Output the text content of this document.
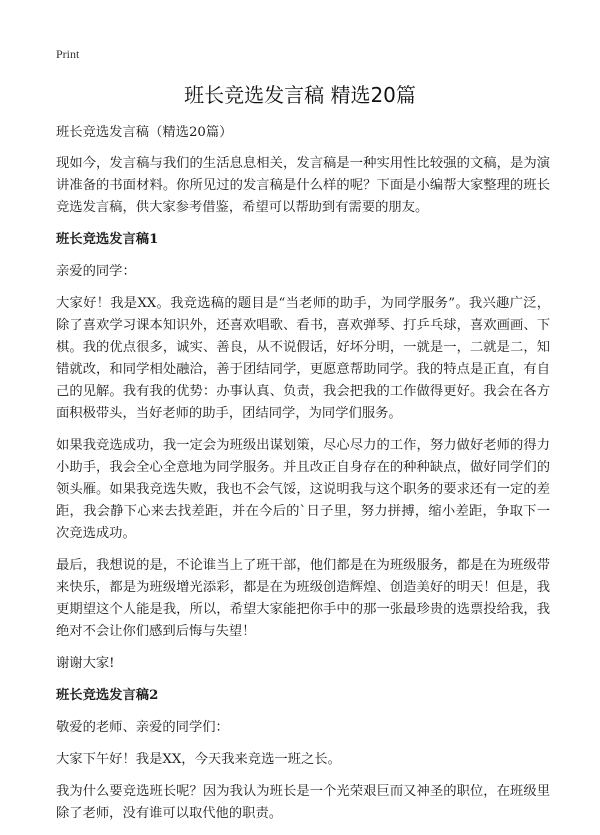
Print
班长竞选发言稿 精选20篇

班长竞选发言稿（精选20篇）

现如今，发言稿与我们的生活息息相关，发言稿是一种实用性比较强的文稿，是为演讲准备的书面材料。你所见过的发言稿是什么样的呢？下面是小编帮大家整理的班长竞选发言稿，供大家参考借鉴，希望可以帮助到有需要的朋友。

班长竞选发言稿1

亲爱的同学：

大家好！我是XX。我竞选稿的题目是“当老师的助手，为同学服务”。我兴趣广泛，除了喜欢学习课本知识外，还喜欢唱歌、看书，喜欢弹琴、打乒乓球，喜欢画画、下棋。我的优点很多，诚实、善良，从不说假话，好坏分明，一就是一，二就是二，知错就改，和同学相处融洽，善于团结同学，更愿意帮助同学。我的特点是正直，有自己的见解。我有我的优势：办事认真、负责，我会把我的工作做得更好。我会在各方面积极带头，当好老师的助手，团结同学，为同学们服务。

如果我竞选成功，我一定会为班级出谋划策，尽心尽力的工作，努力做好老师的得力小助手，我会全心全意地为同学服务。并且改正自身存在的种种缺点，做好同学们的领头雁。如果我竞选失败，我也不会气馁，这说明我与这个职务的要求还有一定的差距，我会静下心来去找差距，并在今后的`日子里，努力拼搏，缩小差距，争取下一次竞选成功。

最后，我想说的是，不论谁当上了班干部，他们都是在为班级服务，都是在为班级带来快乐，都是为班级增光添彩，都是在为班级创造辉煌、创造美好的明天！但是，我更期望这个人能是我，所以，希望大家能把你手中的那一张最珍贵的选票投给我，我绝对不会让你们感到后悔与失望！

谢谢大家!

班长竞选发言稿2

敬爱的老师、亲爱的同学们：

大家下午好！我是XX，今天我来竞选一班之长。

我为什么要竞选班长呢？因为我认为班长是一个光荣艰巨而又神圣的职位，在班级里除了老师，没有谁可以取代他的职责。
